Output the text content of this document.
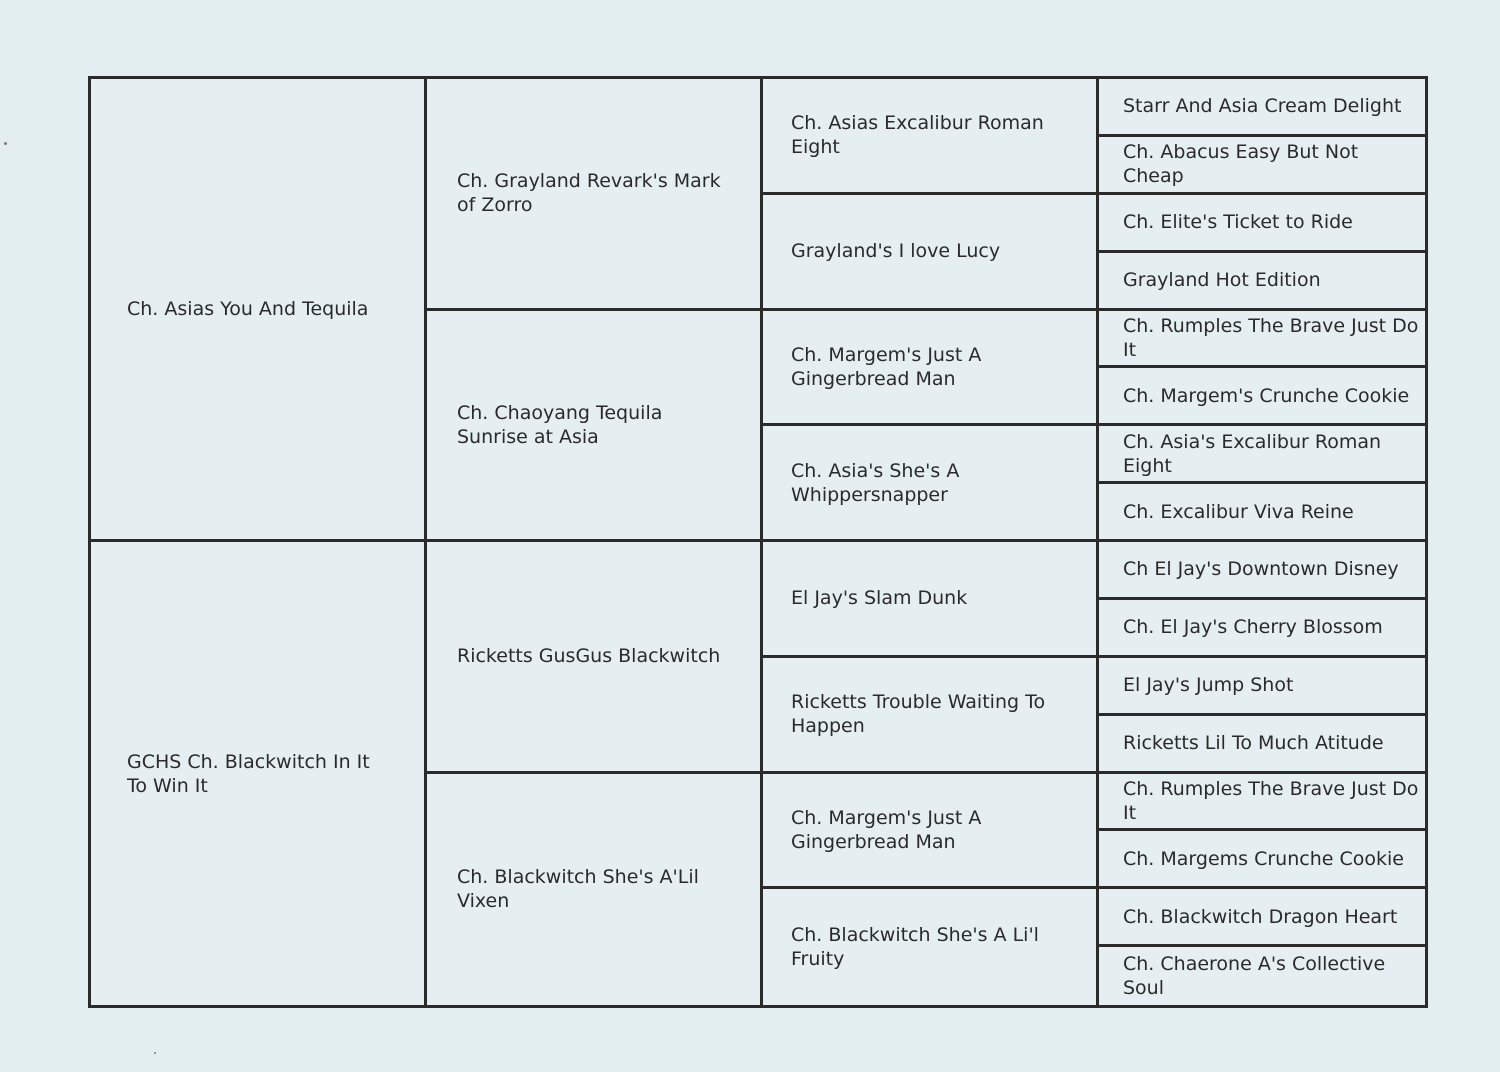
Ch. Asias You And Tequila
GCHS Ch. Blackwitch In It To Win It
Ch. Grayland Revark's Mark of Zorro
Ch. Chaoyang Tequila Sunrise at Asia
Ricketts GusGus Blackwitch
Ch. Blackwitch She's A'Lil Vixen
Ch. Asias Excalibur Roman Eight
Grayland's I love Lucy
Ch. Margem's Just A Gingerbread Man
Ch. Asia's She's A Whippersnapper
El Jay's Slam Dunk
Ricketts Trouble Waiting To Happen
Ch. Margem's Just A Gingerbread Man
Ch. Blackwitch She's A Li'l Fruity
Starr And Asia Cream Delight
Ch. Abacus Easy But Not Cheap
Ch. Elite's Ticket to Ride
Grayland Hot Edition
Ch. Rumples The Brave Just Do It
Ch. Margem's Crunche Cookie
Ch. Asia's Excalibur Roman Eight
Ch. Excalibur Viva Reine
Ch El Jay's Downtown Disney
Ch. El Jay's Cherry Blossom
El Jay's Jump Shot
Ricketts Lil To Much Atitude
Ch. Rumples The Brave Just Do It
Ch. Margems Crunche Cookie
Ch. Blackwitch Dragon Heart
Ch. Chaerone A's Collective Soul
